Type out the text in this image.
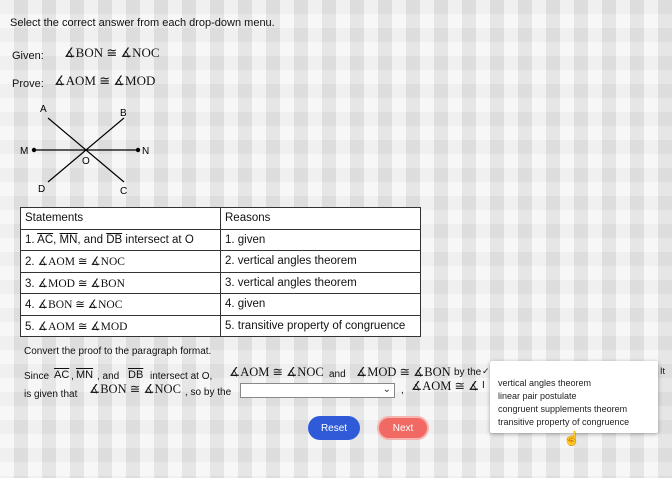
Select the correct answer from each drop-down menu.
Given: ∡BON ≅ ∡NOC
Prove: ∡AOM ≅ ∡MOD
A	B
M	N
O
D	C
Statements	Reasons
1. $\overline{AC}$, $\overline{MN}$, and $\overline{DB}$ intersect at O	1. given
2. ∡AOM ≅ ∡NOC	2. vertical angles theorem
3. ∡MOD ≅ ∡BON	3. vertical angles theorem
4. ∡BON ≅ ∡NOC	4. given
5. ∡AOM ≅ ∡MOD	5. transitive property of congruence
Convert the proof to the paragraph format.
Since $\overline{AC}$ , $\overline{MN}$ , and $\overline{DB}$ intersect at O, ∡AOM ≅ ∡NOC and ∡MOD ≅ ∡BON by the ✓	It
is given that ∡BON ≅ ∡NOC , so by the	⌄ , ∡AOM ≅ ∡ I vertical angles theorem
linear pair postulate
congruent supplements theorem
transitive property of congruence
Reset	Next
☝
